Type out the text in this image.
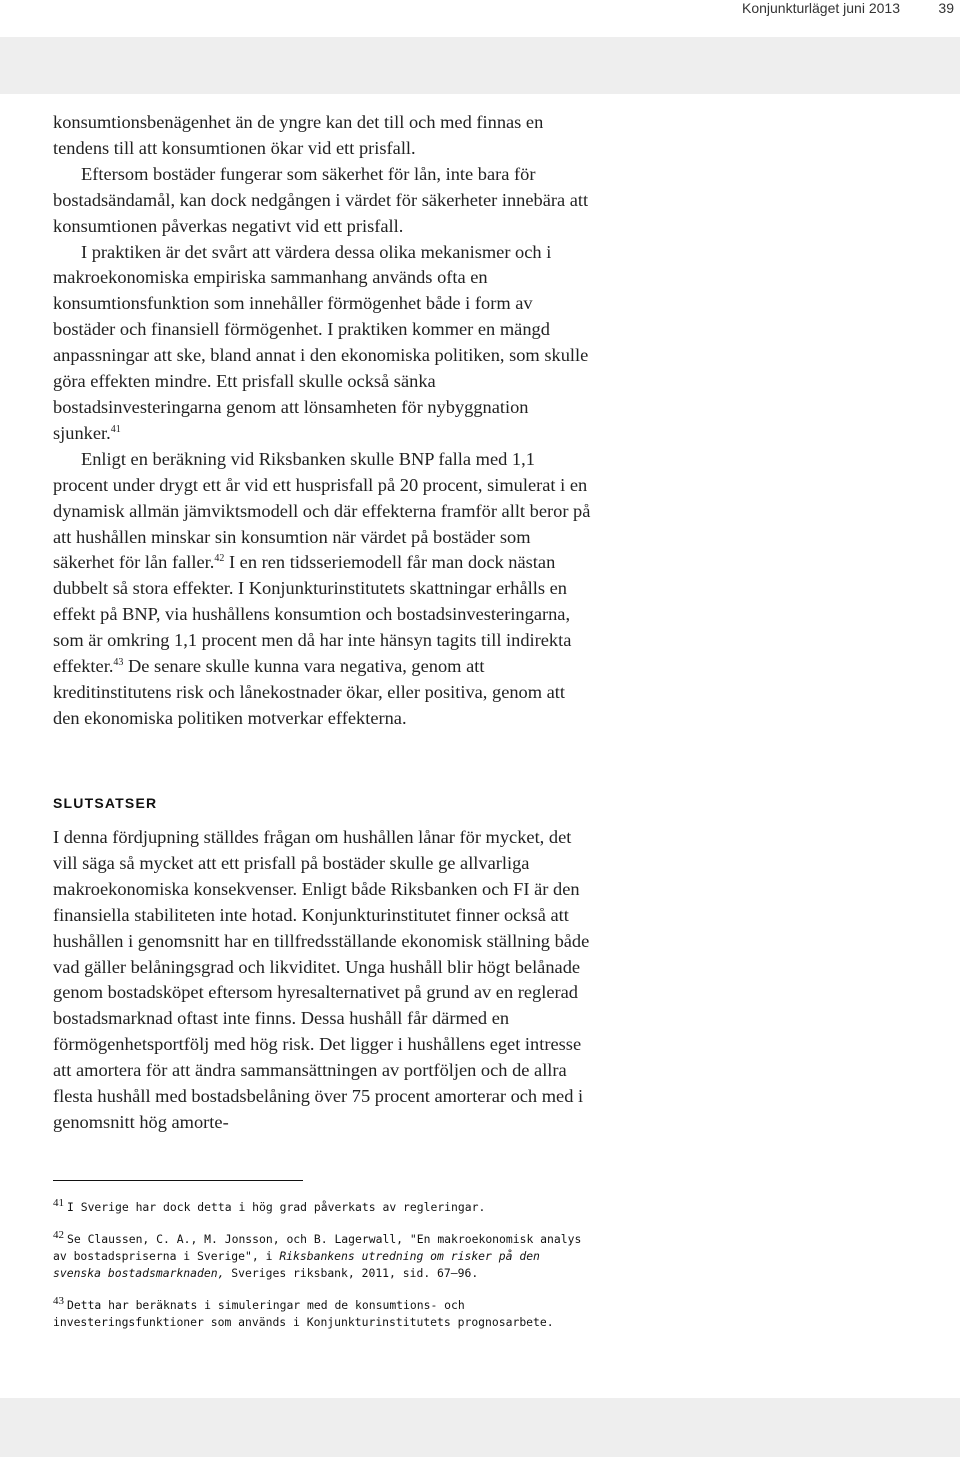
Konjunkturläget juni 2013	39

konsumtionsbenägenhet än de yngre kan det till och med finnas en tendens till att konsumtionen ökar vid ett prisfall.

Eftersom bostäder fungerar som säkerhet för lån, inte bara för bostadsändamål, kan dock nedgången i värdet för säkerheter innebära att konsumtionen påverkas negativt vid ett prisfall.

I praktiken är det svårt att värdera dessa olika mekanismer och i makroekonomiska empiriska sammanhang används ofta en konsumtionsfunktion som innehåller förmögenhet både i form av bostäder och finansiell förmögenhet. I praktiken kommer en mängd anpassningar att ske, bland annat i den ekonomiska politiken, som skulle göra effekten mindre. Ett prisfall skulle också sänka bostadsinvesteringarna genom att lönsamheten för nybyggnation sjunker.$^{41}$

Enligt en beräkning vid Riksbanken skulle BNP falla med 1,1 procent under drygt ett år vid ett husprisfall på 20 procent, simulerat i en dynamisk allmän jämviktsmodell och där effekterna framför allt beror på att hushållen minskar sin konsumtion när värdet på bostäder som säkerhet för lån faller.$^{42}$ I en ren tidsseriemodell får man dock nästan dubbelt så stora effekter. I Konjunkturinstitutets skattningar erhålls en effekt på BNP, via hushållens konsumtion och bostadsinvesteringarna, som är omkring 1,1 procent men då har inte hänsyn tagits till indirekta effekter.$^{43}$ De senare skulle kunna vara negativa, genom att kreditinstitutens risk och lånekostnader ökar, eller positiva, genom att den ekonomiska politiken motverkar effekterna.

SLUTSATSER

I denna fördjupning ställdes frågan om hushållen lånar för mycket, det vill säga så mycket att ett prisfall på bostäder skulle ge allvarliga makroekonomiska konsekvenser. Enligt både Riksbanken och FI är den finansiella stabiliteten inte hotad. Konjunkturinstitutet finner också att hushållen i genomsnitt har en tillfredsställande ekonomisk ställning både vad gäller belåningsgrad och likviditet. Unga hushåll blir högt belånade genom bostadsköpet eftersom hyresalternativet på grund av en reglerad bostadsmarknad oftast inte finns. Dessa hushåll får därmed en förmögenhetsportfölj med hög risk. Det ligger i hushållens eget intresse att amortera för att ändra sammansättningen av portföljen och de allra flesta hushåll med bostadsbelåning över 75 procent amorterar och med i genomsnitt hög amorte-

41 I Sverige har dock detta i hög grad påverkats av regleringar.
42 Se Claussen, C. A., M. Jonsson, och B. Lagerwall, "En makroekonomisk analys av bostadspriserna i Sverige", i Riksbankens utredning om risker på den svenska bostadsmarknaden, Sveriges riksbank, 2011, sid. 67–96.
43 Detta har beräknats i simuleringar med de konsumtions- och investeringsfunktioner som används i Konjunkturinstitutets prognosarbete.
